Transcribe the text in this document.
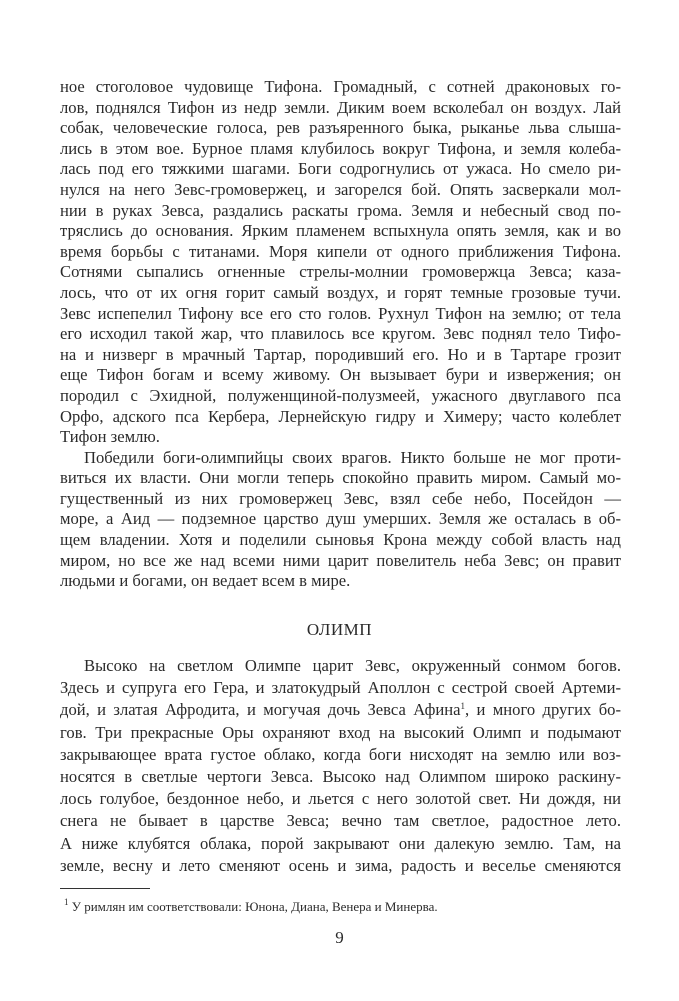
ное стоголовое чудовище Тифона. Громадный, с сотней драконовых го-
лов, поднялся Тифон из недр земли. Диким воем всколебал он воздух. Лай
собак, человеческие голоса, рев разъяренного быка, рыканье льва слыша-
лись в этом вое. Бурное пламя клубилось вокруг Тифона, и земля колеба-
лась под его тяжкими шагами. Боги содрогнулись от ужаса. Но смело ри-
нулся на него Зевс-громовержец, и загорелся бой. Опять засверкали мол-
нии в руках Зевса, раздались раскаты грома. Земля и небесный свод по-
тряслись до основания. Ярким пламенем вспыхнула опять земля, как и во
время борьбы с титанами. Моря кипели от одного приближения Тифона.
Сотнями сыпались огненные стрелы-молнии громовержца Зевса; каза-
лось, что от их огня горит самый воздух, и горят темные грозовые тучи.
Зевс испепелил Тифону все его сто голов. Рухнул Тифон на землю; от тела
его исходил такой жар, что плавилось все кругом. Зевс поднял тело Тифо-
на и низверг в мрачный Тартар, породивший его. Но и в Тартаре грозит
еще Тифон богам и всему живому. Он вызывает бури и извержения; он
породил с Эхидной, полуженщиной-полузмеей, ужасного двуглавого пса
Орфо, адского пса Кербера, Лернейскую гидру и Химеру; часто колеблет
Тифон землю.
Победили боги-олимпийцы своих врагов. Никто больше не мог проти-
виться их власти. Они могли теперь спокойно править миром. Самый мо-
гущественный из них громовержец Зевс, взял себе небо, Посейдон —
море, а Аид — подземное царство душ умерших. Земля же осталась в об-
щем владении. Хотя и поделили сыновья Крона между собой власть над
миром, но все же над всеми ними царит повелитель неба Зевс; он правит
людьми и богами, он ведает всем в мире.
ОЛИМП
Высоко на светлом Олимпе царит Зевс, окруженный сонмом богов.
Здесь и супруга его Гера, и златокудрый Аполлон с сестрой своей Артеми-
дой, и златая Афродита, и могучая дочь Зевса Афина$^1$, и много других бо-
гов. Три прекрасные Оры охраняют вход на высокий Олимп и подымают
закрывающее врата густое облако, когда боги нисходят на землю или воз-
носятся в светлые чертоги Зевса. Высоко над Олимпом широко раскину-
лось голубое, бездонное небо, и льется с него золотой свет. Ни дождя, ни
снега не бывает в царстве Зевса; вечно там светлое, радостное лето.
А ниже клубятся облака, порой закрывают они далекую землю. Там, на
земле, весну и лето сменяют осень и зима, радость и веселье сменяются
$^1$ У римлян им соответствовали: Юнона, Диана, Венера и Минерва.
9
